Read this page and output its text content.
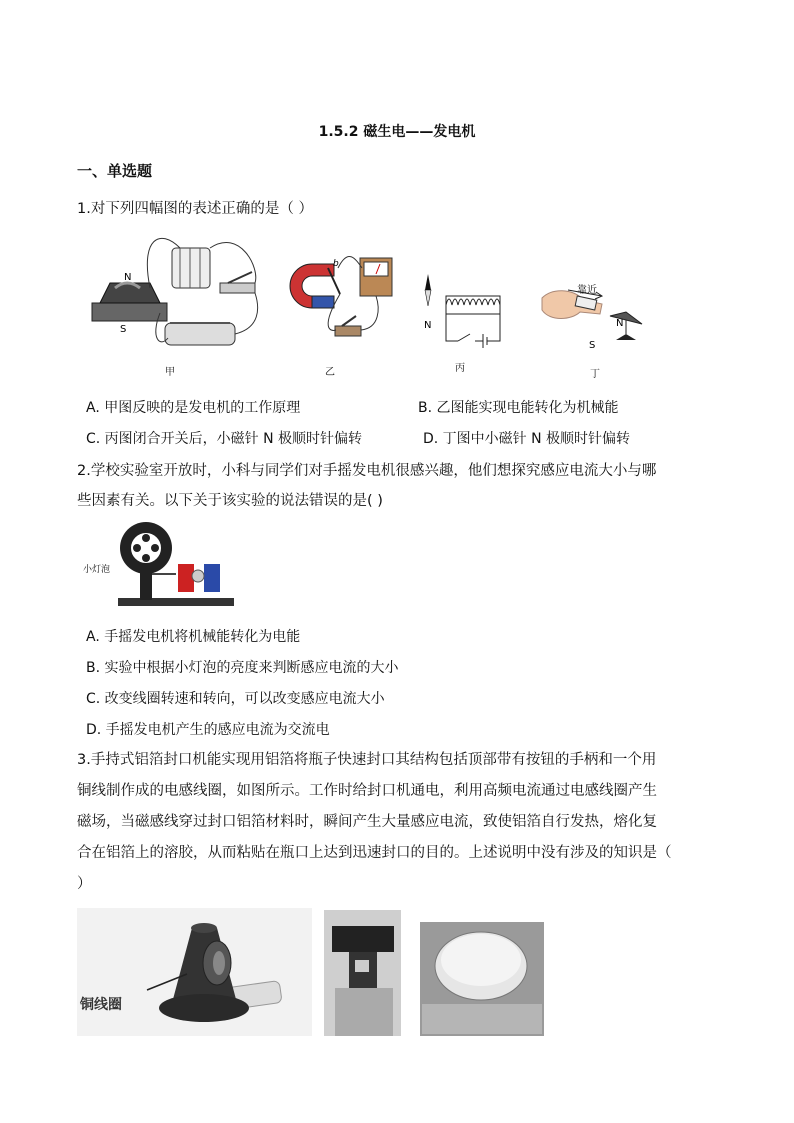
1.5.2 磁生电——发电机
一、单选题
1.对下列四幅图的表述正确的是（ ）
N
S
b
N
靠近
N
S
甲	乙	丙
丁
A. 甲图反映的是发电机的工作原理	B. 乙图能实现电能转化为机械能
C. 丙图闭合开关后，小磁针 N 极顺时针偏转	D. 丁图中小磁针 N 极顺时针偏转
2.学校实验室开放时，小科与同学们对手摇发电机很感兴趣，他们想探究感应电流大小与哪
些因素有关。以下关于该实验的说法错误的是( )
小灯泡
A. 手摇发电机将机械能转化为电能
B. 实验中根据小灯泡的亮度来判断感应电流的大小
C. 改变线圈转速和转向，可以改变感应电流大小
D. 手摇发电机产生的感应电流为交流电
3.手持式铝箔封口机能实现用铝箔将瓶子快速封口其结构包括顶部带有按钮的手柄和一个用
铜线制作成的电感线圈，如图所示。工作时给封口机通电，利用高频电流通过电感线圈产生
磁场，当磁感线穿过封口铝箔材料时，瞬间产生大量感应电流，致使铝箔自行发热，熔化复
合在铝箔上的溶胶，从而粘贴在瓶口上达到迅速封口的目的。上述说明中没有涉及的知识是（
）
铜线圈
